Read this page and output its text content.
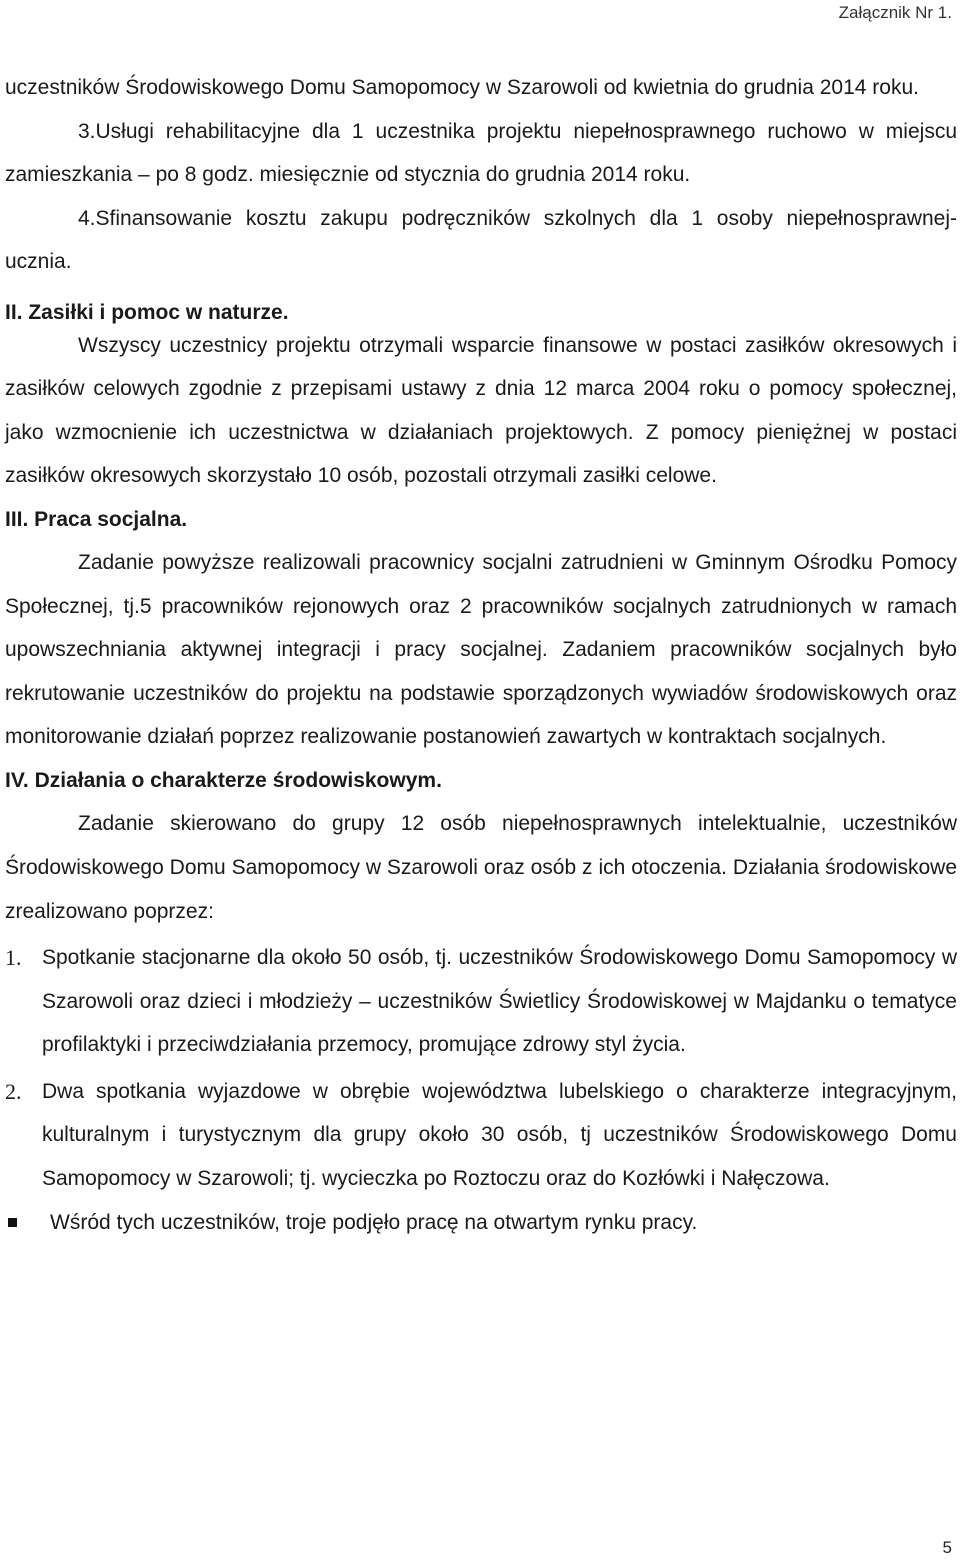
Załącznik Nr 1.

uczestników Środowiskowego Domu Samopomocy w Szarowoli od kwietnia do grudnia 2014 roku.

3.Usługi rehabilitacyjne dla 1 uczestnika projektu niepełnosprawnego ruchowo w miejscu zamieszkania – po 8 godz. miesięcznie od stycznia do grudnia 2014 roku.

4.Sfinansowanie kosztu zakupu podręczników szkolnych dla 1 osoby niepełnosprawnej- ucznia.

II. Zasiłki i pomoc w naturze.

Wszyscy uczestnicy projektu otrzymali wsparcie finansowe w postaci zasiłków okresowych i zasiłków celowych zgodnie z przepisami ustawy z dnia 12 marca 2004 roku o pomocy społecznej, jako wzmocnienie ich uczestnictwa w działaniach projektowych. Z pomocy pieniężnej w postaci zasiłków okresowych skorzystało 10 osób, pozostali otrzymali zasiłki celowe.

III. Praca socjalna.

Zadanie powyższe realizowali pracownicy socjalni zatrudnieni w Gminnym Ośrodku Pomocy Społecznej, tj.5 pracowników rejonowych oraz 2 pracowników socjalnych zatrudnionych w ramach upowszechniania aktywnej integracji i pracy socjalnej. Zadaniem pracowników socjalnych było rekrutowanie uczestników do projektu na podstawie sporządzonych wywiadów środowiskowych oraz monitorowanie działań poprzez realizowanie postanowień zawartych w kontraktach socjalnych.

IV. Działania o charakterze środowiskowym.

Zadanie skierowano do grupy 12 osób niepełnosprawnych intelektualnie, uczestników Środowiskowego Domu Samopomocy w Szarowoli oraz osób z ich otoczenia. Działania środowiskowe zrealizowano poprzez:

1. Spotkanie stacjonarne dla około 50 osób, tj. uczestników Środowiskowego Domu Samopomocy w Szarowoli oraz dzieci i młodzieży – uczestników Świetlicy Środowiskowej w Majdanku o tematyce profilaktyki i przeciwdziałania przemocy, promujące zdrowy styl życia.
2. Dwa spotkania wyjazdowe w obrębie województwa lubelskiego o charakterze integracyjnym, kulturalnym i turystycznym dla grupy około 30 osób, tj uczestników Środowiskowego Domu Samopomocy w Szarowoli; tj. wycieczka po Roztoczu oraz do Kozłówki i Nałęczowa.
Wśród tych uczestników, troje podjęło pracę na otwartym rynku pracy.
5
